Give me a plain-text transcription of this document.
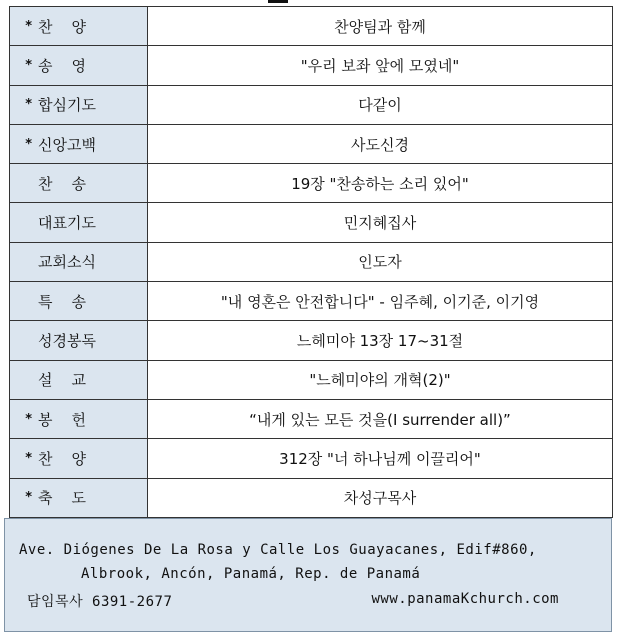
* 찬    양	찬양팀과 함께

* 송    영	"우리 보좌 앞에 모였네"

* 합심기도	다같이

* 신앙고백	사도신경

찬    송	19장 "찬송하는 소리 있어"

대표기도	민지혜집사

교회소식	인도자

특    송	"내 영혼은 안전합니다" - 임주혜, 이기준, 이기영

성경봉독	느헤미야 13장 17~31절

설    교	"느헤미야의 개혁(2)"

* 봉    헌	“내게 있는 모든 것을(I surrender all)”

* 찬    양	312장 "너 하나님께 이끌리어"

* 축    도	차성구목사
Ave. Diógenes De La Rosa y Calle Los Guayacanes, Edif#860,
Albrook, Ancón, Panamá, Rep. de Panamá
담임목사 6391-2677	www.panamaKchurch.com
